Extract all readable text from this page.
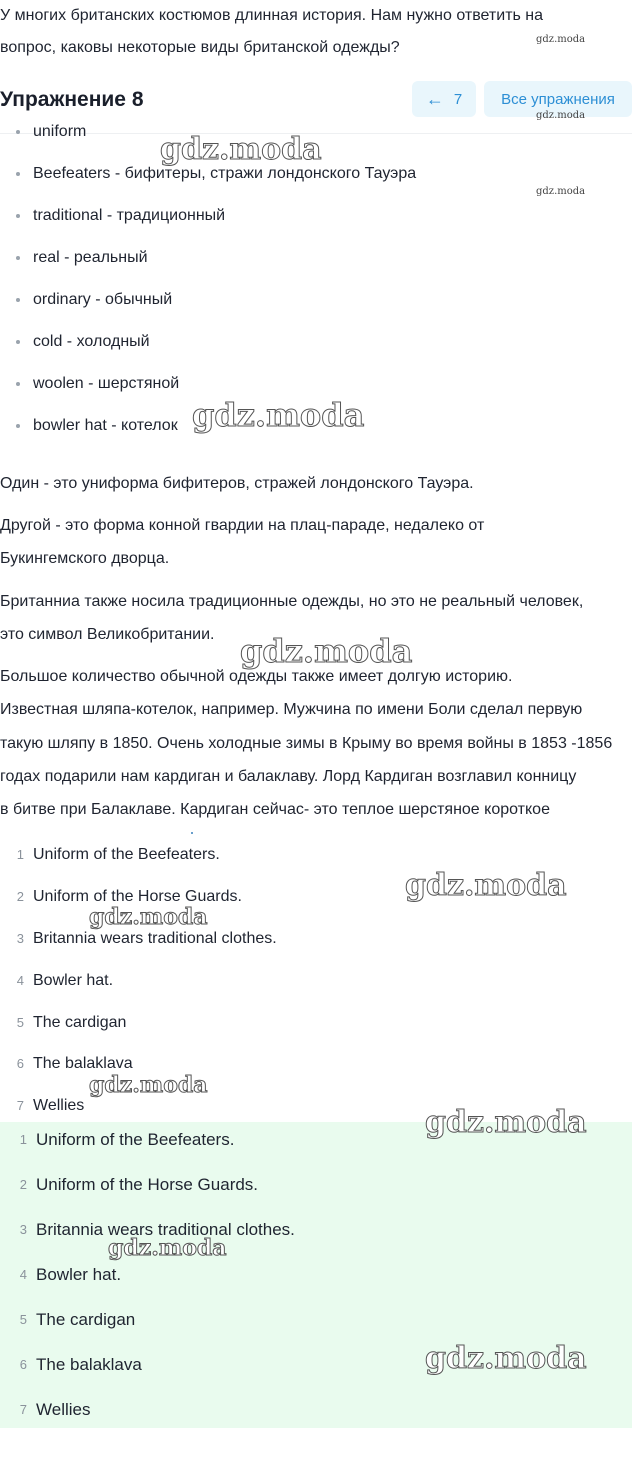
У многих британских костюмов длинная история. Нам нужно ответить на
вопрос, каковы некоторые виды британской одежды?
Упражнение 8	← 7	Все упражнения
uniform
Beefeaters - бифитеры, стражи лондонского Тауэра
traditional - традиционный
real - реальный
ordinary - обычный
cold - холодный
woolen - шерстяной
bowler hat - котелок
Один - это униформа бифитеров, стражей лондонского Тауэра.
Другой - это форма конной гвардии на плац-параде, недалеко от
Букингемского дворца.
Британниа также носила традиционные одежды, но это не реальный человек,
это символ Великобритании.
Большое количество обычной одежды также имеет долгую историю.
Известная шляпа-котелок, например. Мужчина по имени Боли сделал первую
такую шляпу в 1850. Очень холодные зимы в Крыму во время войны в 1853 -1856
годах подарили нам кардиган и балаклаву. Лорд Кардиган возглавил конницу
в битве при Балаклаве. Кардиган сейчас- это теплое шерстяное короткое
1 Uniform of the Beefeaters.
2 Uniform of the Horse Guards.
3 Britannia wears traditional clothes.
4 Bowler hat.
5 The cardigan
6 The balaklava
7 Wellies
1 Uniform of the Beefeaters.
2 Uniform of the Horse Guards.
3 Britannia wears traditional clothes.
4 Bowler hat.
5 The cardigan
6 The balaklava
7 Wellies
gdz.moda
gdz.moda
gdz.moda
gdz.moda
gdz.moda
gdz.moda
gdz.moda
gdz.moda
gdz.moda
gdz.moda
gdz.moda
gdz.moda
